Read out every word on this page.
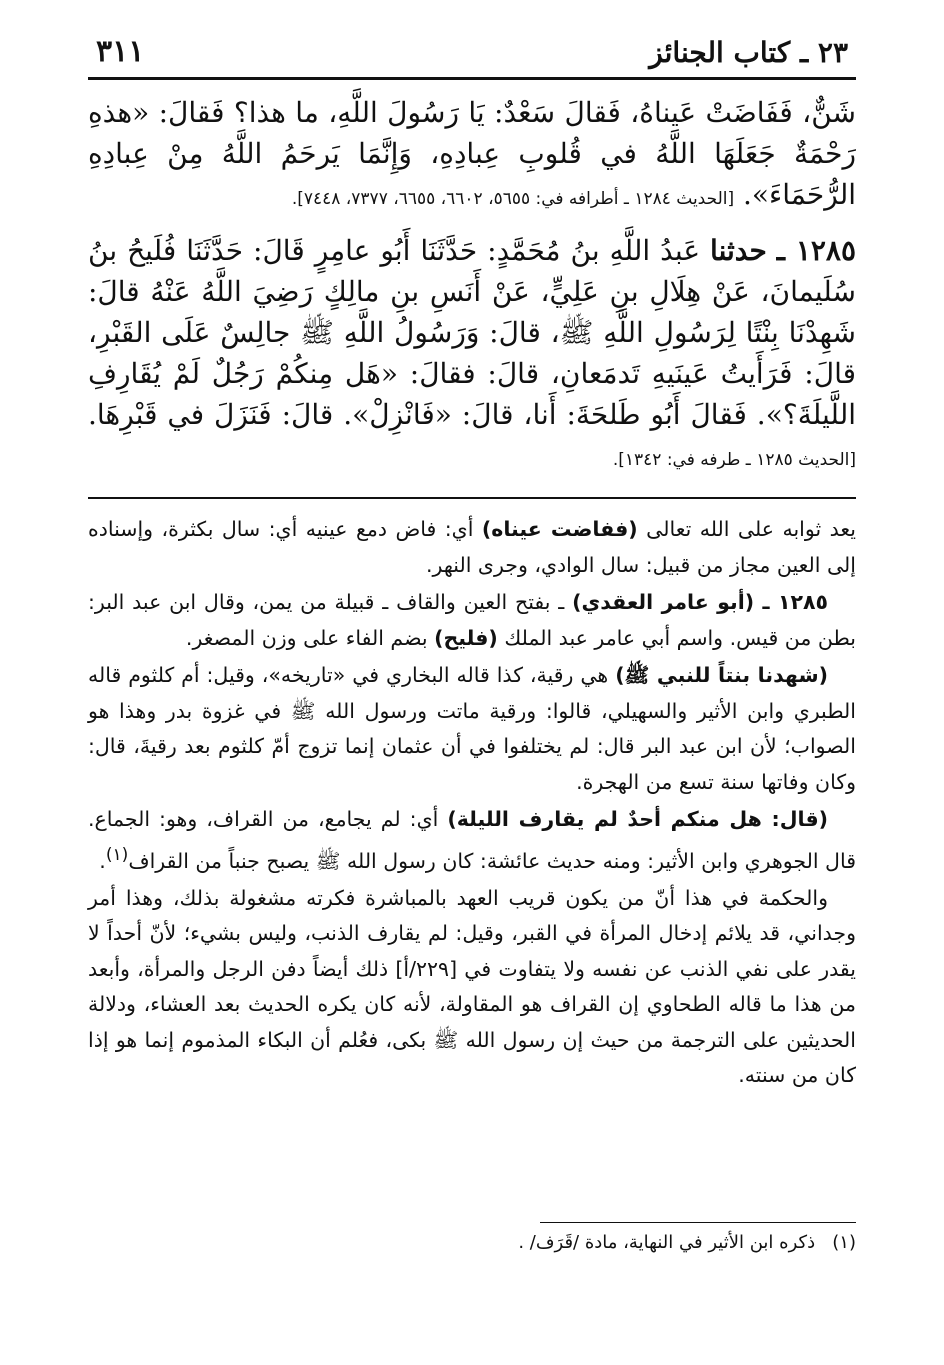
٢٣ ـ كتاب الجنائز
٣١١

شَنٌّ، فَفَاضَتْ عَيناهُ، فَقالَ سَعْدٌ: يَا رَسُولَ اللَّهِ، ما هذا؟ فَقالَ: «هذهِ رَحْمَةٌ جَعَلَهَا اللَّهُ في قُلوبِ عِبادِهِ، وَإِنَّمَا يَرحَمُ اللَّهُ مِنْ عِبادِهِ الرُّحَمَاءَ». [الحديث ١٢٨٤ ـ أطرافه في: ٥٦٥٥، ٦٦٠٢، ٦٦٥٥، ٧٣٧٧، ٧٤٤٨].

١٢٨٥ ـ حدثنا عَبدُ اللَّهِ بنُ مُحَمَّدٍ: حَدَّثَنَا أَبُو عامِرٍ قَالَ: حَدَّثَنَا فُلَيحُ بنُ سُلَيمانَ، عَنْ هِلَالِ بنِ عَلِيٍّ، عَنْ أَنَسِ بنِ مالِكٍ رَضِيَ اللَّهُ عَنْهُ قالَ: شَهِدْنَا بِنْتًا لِرَسُولِ اللَّهِ ﷺ، قالَ: وَرَسُولُ اللَّهِ ﷺ جالِسٌ عَلَى القَبْرِ، قالَ: فَرَأَيتُ عَينَيهِ تَدمَعانِ، قالَ: فقالَ: «هَل مِنكُمْ رَجُلٌ لَمْ يُقَارِفِ اللَّيلَةَ؟». فَقالَ أَبُو طَلحَةَ: أَنا، قالَ: «فَانْزِلْ». قالَ: فَنَزَلَ في قَبْرِهَا. [الحديث ١٢٨٥ ـ طرفه في: ١٣٤٢].

يعد ثوابه على الله تعالى (ففاضت عيناه) أي: فاض دمع عينيه أي: سال بكثرة، وإسناده إلى العين مجاز من قبيل: سال الوادي، وجرى النهر.

١٢٨٥ ـ (أبو عامر العقدي) ـ بفتح العين والقاف ـ قبيلة من يمن، وقال ابن عبد البر: بطن من قيس. واسم أبي عامر عبد الملك (فليح) بضم الفاء على وزن المصغر.

(شهدنا بنتاً للنبي ﷺ) هي رقية، كذا قاله البخاري في «تاريخه»، وقيل: أم كلثوم قاله الطبري وابن الأثير والسهيلي، قالوا: ورقية ماتت ورسول الله ﷺ في غزوة بدر وهذا هو الصواب؛ لأن ابن عبد البر قال: لم يختلفوا في أن عثمان إنما تزوج أمّ كلثوم بعد رقيةَ، قال: وكان وفاتها سنة تسع من الهجرة.

(قال: هل منكم أحدٌ لم يقارف الليلة) أي: لم يجامع، من القراف، وهو: الجماع. قال الجوهري وابن الأثير: ومنه حديث عائشة: كان رسول الله ﷺ يصبح جنباً من القراف$^{(١)}$.

والحكمة في هذا أنّ من يكون قريب العهد بالمباشرة فكرته مشغولة بذلك، وهذا أمر وجداني، قد يلائم إدخال المرأة في القبر، وقيل: لم يقارف الذنب، وليس بشيء؛ لأنّ أحداً لا يقدر على نفي الذنب عن نفسه ولا يتفاوت في [٢٢٩/أ] ذلك أيضاً دفن الرجل والمرأة، وأبعد من هذا ما قاله الطحاوي إن القراف هو المقاولة، لأنه كان يكره الحديث بعد العشاء، ودلالة الحديثين على الترجمة من حيث إن رسول الله ﷺ بكى، فعُلم أن البكاء المذموم إنما هو إذا كان من سنته.

(١)   ذكره ابن الأثير في النهاية، مادة /قَرَف/ .
